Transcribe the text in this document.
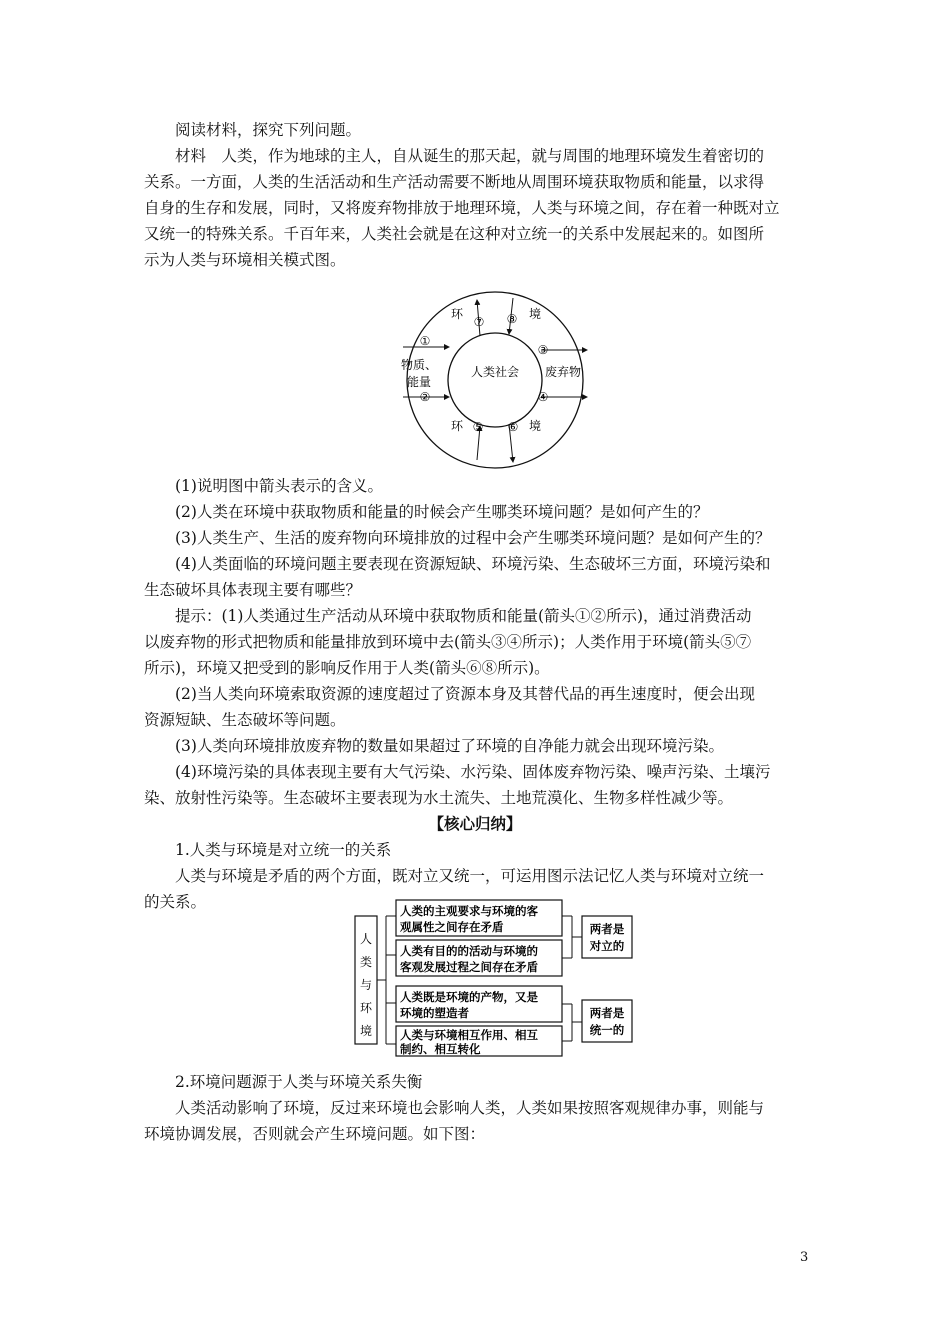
阅读材料，探究下列问题。
材料　人类，作为地球的主人，自从诞生的那天起，就与周围的地理环境发生着密切的
关系。一方面，人类的生活活动和生产活动需要不断地从周围环境获取物质和能量，以求得
自身的生存和发展，同时，又将废弃物排放于地理环境，人类与环境之间，存在着一种既对立
又统一的特殊关系。千百年来，人类社会就是在这种对立统一的关系中发展起来的。如图所
示为人类与环境相关模式图。
人类社会
物质、
能量
废弃物
环	境
环	境
①
②
③
④
⑦ ⑧
⑤ ⑥
(1)说明图中箭头表示的含义。
(2)人类在环境中获取物质和能量的时候会产生哪类环境问题？是如何产生的？
(3)人类生产、生活的废弃物向环境排放的过程中会产生哪类环境问题？是如何产生的？
(4)人类面临的环境问题主要表现在资源短缺、环境污染、生态破坏三方面，环境污染和
生态破坏具体表现主要有哪些？
提示：(1)人类通过生产活动从环境中获取物质和能量(箭头①②所示)，通过消费活动
以废弃物的形式把物质和能量排放到环境中去(箭头③④所示)；人类作用于环境(箭头⑤⑦
所示)，环境又把受到的影响反作用于人类(箭头⑥⑧所示)。
(2)当人类向环境索取资源的速度超过了资源本身及其替代品的再生速度时，便会出现
资源短缺、生态破坏等问题。
(3)人类向环境排放废弃物的数量如果超过了环境的自净能力就会出现环境污染。
(4)环境污染的具体表现主要有大气污染、水污染、固体废弃物污染、噪声污染、土壤污
染、放射性污染等。生态破坏主要表现为水土流失、土地荒漠化、生物多样性减少等。
【核心归纳】
1.人类与环境是对立统一的关系
人类与环境是矛盾的两个方面，既对立又统一，可运用图示法记忆人类与环境对立统一
的关系。
人
类
与
环
境
人类的主观要求与环境的客
观属性之间存在矛盾
人类有目的的活动与环境的
客观发展过程之间存在矛盾
人类既是环境的产物，又是
环境的塑造者
人类与环境相互作用、相互
制约、相互转化
两者是
对立的
两者是
统一的
2.环境问题源于人类与环境关系失衡
人类活动影响了环境，反过来环境也会影响人类，人类如果按照客观规律办事，则能与
环境协调发展，否则就会产生环境问题。如下图：
3
